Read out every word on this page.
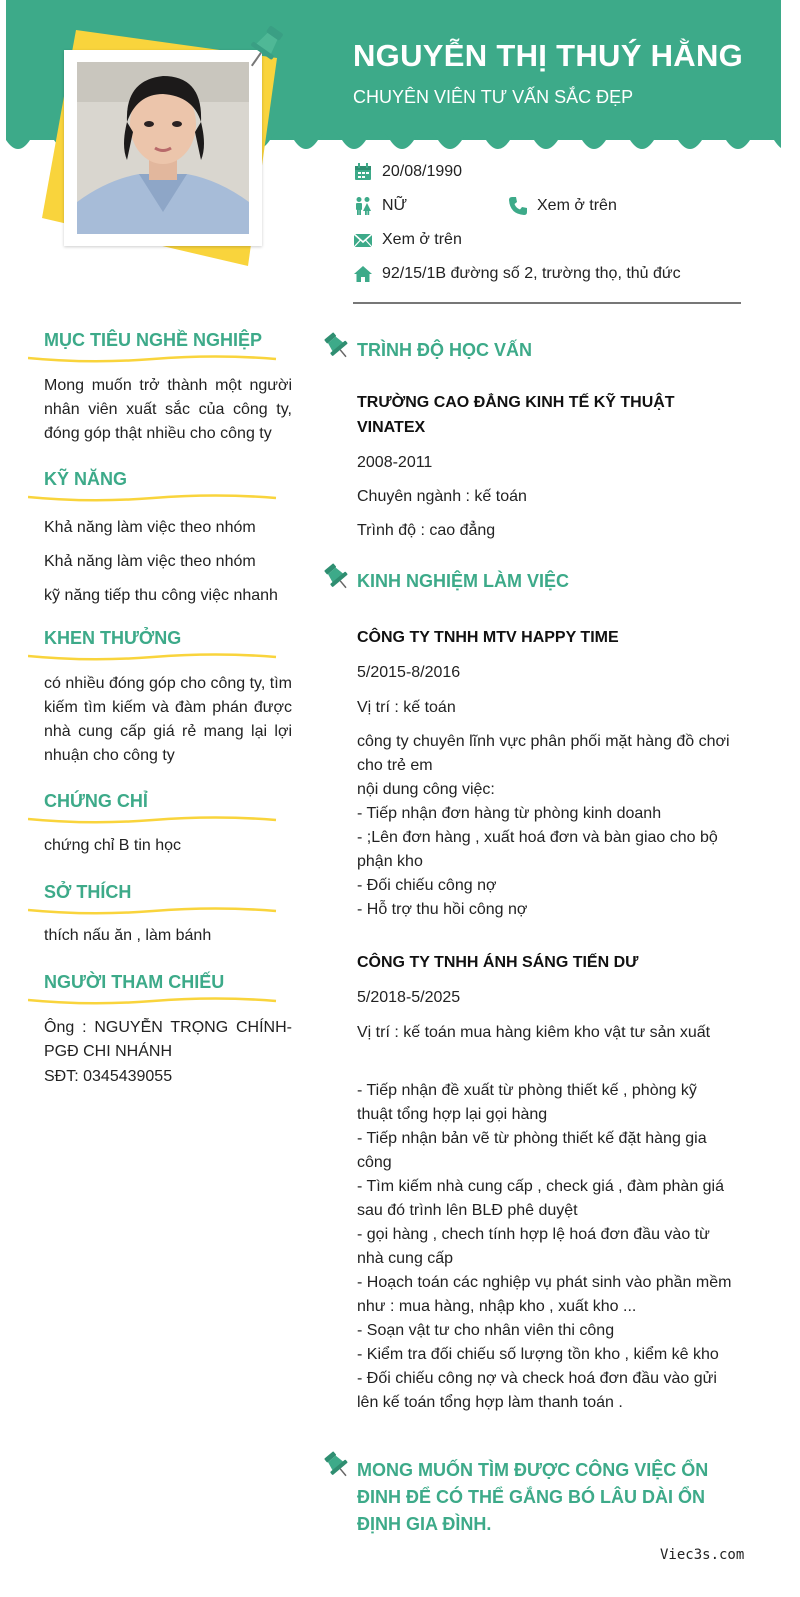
NGUYỄN THỊ THUÝ HẰNG
CHUYÊN VIÊN TƯ VẤN SẮC ĐẸP
20/08/1990
NỮ	Xem ở trên
Xem ở trên
92/15/1B đường số 2, trường thọ, thủ đức
MỤC TIÊU NGHỀ NGHIỆP
Mong muốn trở thành một người nhân viên xuất sắc của công ty, đóng góp thật nhiều cho công ty
KỸ NĂNG
Khả năng làm việc theo nhóm
Khả năng làm việc theo nhóm
kỹ năng tiếp thu công việc nhanh
KHEN THƯỞNG
có nhiều đóng góp cho công ty, tìm kiếm tìm kiếm và đàm phán được nhà cung cấp giá rẻ mang lại lợi nhuận cho công ty
CHỨNG CHỈ
chứng chỉ B tin học
SỞ THÍCH
thích nấu ăn , làm bánh
NGƯỜI THAM CHIẾU
Ông : NGUYỄN TRỌNG CHÍNH-PGĐ CHI NHÁNH
SĐT: 0345439055
TRÌNH ĐỘ HỌC VẤN
TRƯỜNG CAO ĐẲNG KINH TẾ KỸ THUẬT VINATEX
2008-2011
Chuyên ngành : kế toán
Trình độ : cao đẳng
KINH NGHIỆM LÀM VIỆC
CÔNG TY TNHH MTV HAPPY TIME
5/2015-8/2016
Vị trí : kế toán
công ty chuyên lĩnh vực phân phối mặt hàng đồ chơi cho trẻ em
nội dung công việc:
- Tiếp nhận đơn hàng từ phòng kinh doanh
- ;Lên đơn hàng , xuất hoá đơn và bàn giao cho bộ phận kho
- Đối chiếu công nợ
- Hỗ trợ thu hồi công nợ
CÔNG TY TNHH ÁNH SÁNG TIẾN DƯ
5/2018-5/2025
Vị trí : kế toán mua hàng kiêm kho vật tư sản xuất
- Tiếp nhận đề xuất từ phòng thiết kế , phòng kỹ thuật tổng hợp lại gọi hàng
- Tiếp nhận bản vẽ từ phòng thiết kế đặt hàng gia công
- Tìm kiếm nhà cung cấp , check giá , đàm phàn giá sau đó trình lên BLĐ phê duyệt
- gọi hàng , chech tính hợp lệ hoá đơn đầu vào từ nhà cung cấp
- Hoạch toán các nghiệp vụ phát sinh vào phần mềm như : mua hàng, nhập kho , xuất kho ...
- Soạn vật tư cho nhân viên thi công
- Kiểm tra đối chiếu số lượng tồn kho , kiểm kê kho
- Đối chiếu công nợ và check hoá đơn đầu vào gửi lên kế toán tổng hợp làm thanh toán .
MONG MUỐN TÌM ĐƯỢC CÔNG VIỆC ỔN ĐINH ĐỂ CÓ THỂ GẮNG BÓ LÂU DÀI ỔN ĐỊNH GIA ĐÌNH.
Viec3s.com
